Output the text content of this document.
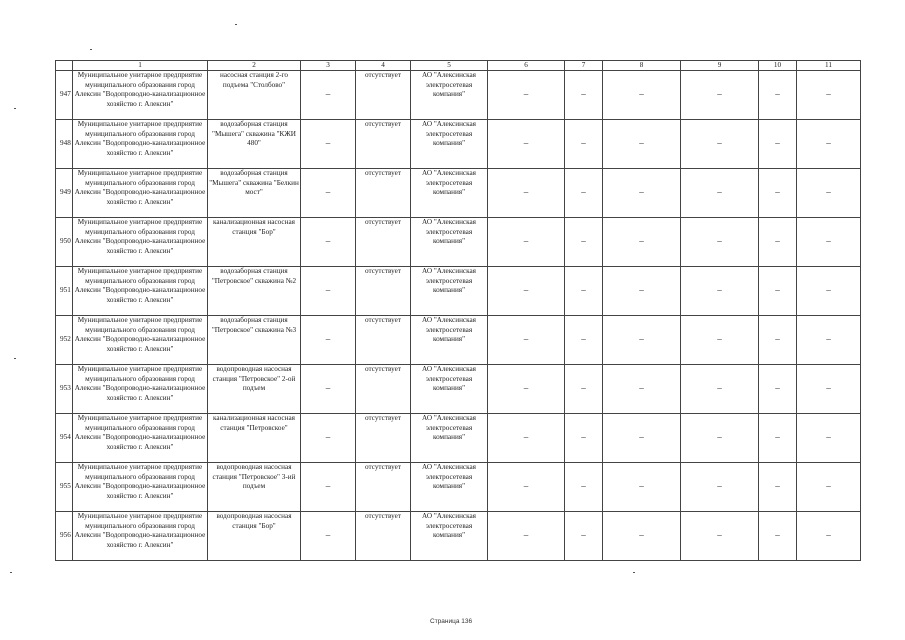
	1	2	3	4	5	6	7	8	9	10	11
947	Муниципальное унитарное предприятие муниципального образования город Алексин "Водопроводно-канализационное хозяйство г. Алексин"	насосная станция 2-го подъема "Столбово"	–	отсутствует	АО "Алексинская электросетевая компания"	–	–	–	–	–	–
948	Муниципальное унитарное предприятие муниципального образования город Алексин "Водопроводно-канализационное хозяйство г. Алексин"	водозаборная станция "Мышега" скважина "КЖИ 480"	–	отсутствует	АО "Алексинская электросетевая компания"	–	–	–	–	–	–
949	Муниципальное унитарное предприятие муниципального образования город Алексин "Водопроводно-канализационное хозяйство г. Алексин"	водозаборная станция "Мышега" скважина "Белкин мост"	–	отсутствует	АО "Алексинская электросетевая компания"	–	–	–	–	–	–
950	Муниципальное унитарное предприятие муниципального образования город Алексин "Водопроводно-канализационное хозяйство г. Алексин"	канализационная насосная станция "Бор"	–	отсутствует	АО "Алексинская электросетевая компания"	–	–	–	–	–	–
951	Муниципальное унитарное предприятие муниципального образования город Алексин "Водопроводно-канализационное хозяйство г. Алексин"	водозаборная станция "Петровское" скважина №2	–	отсутствует	АО "Алексинская электросетевая компания"	–	–	–	–	–	–
952	Муниципальное унитарное предприятие муниципального образования город Алексин "Водопроводно-канализационное хозяйство г. Алексин"	водозаборная станция "Петровское" скважина №3	–	отсутствует	АО "Алексинская электросетевая компания"	–	–	–	–	–	–
953	Муниципальное унитарное предприятие муниципального образования город Алексин "Водопроводно-канализационное хозяйство г. Алексин"	водопроводная насосная станция "Петровское" 2-ой подъем	–	отсутствует	АО "Алексинская электросетевая компания"	–	–	–	–	–	–
954	Муниципальное унитарное предприятие муниципального образования город Алексин "Водопроводно-канализационное хозяйство г. Алексин"	канализационная насосная станция "Петровское"	–	отсутствует	АО "Алексинская электросетевая компания"	–	–	–	–	–	–
955	Муниципальное унитарное предприятие муниципального образования город Алексин "Водопроводно-канализационное хозяйство г. Алексин"	водопроводная насосная станция "Петровское" 3-ий подъем	–	отсутствует	АО "Алексинская электросетевая компания"	–	–	–	–	–	–
956	Муниципальное унитарное предприятие муниципального образования город Алексин "Водопроводно-канализационное хозяйство г. Алексин"	водопроводная насосная станция "Бор"	–	отсутствует	АО "Алексинская электросетевая компания"	–	–	–	–	–	–
Страница 136
